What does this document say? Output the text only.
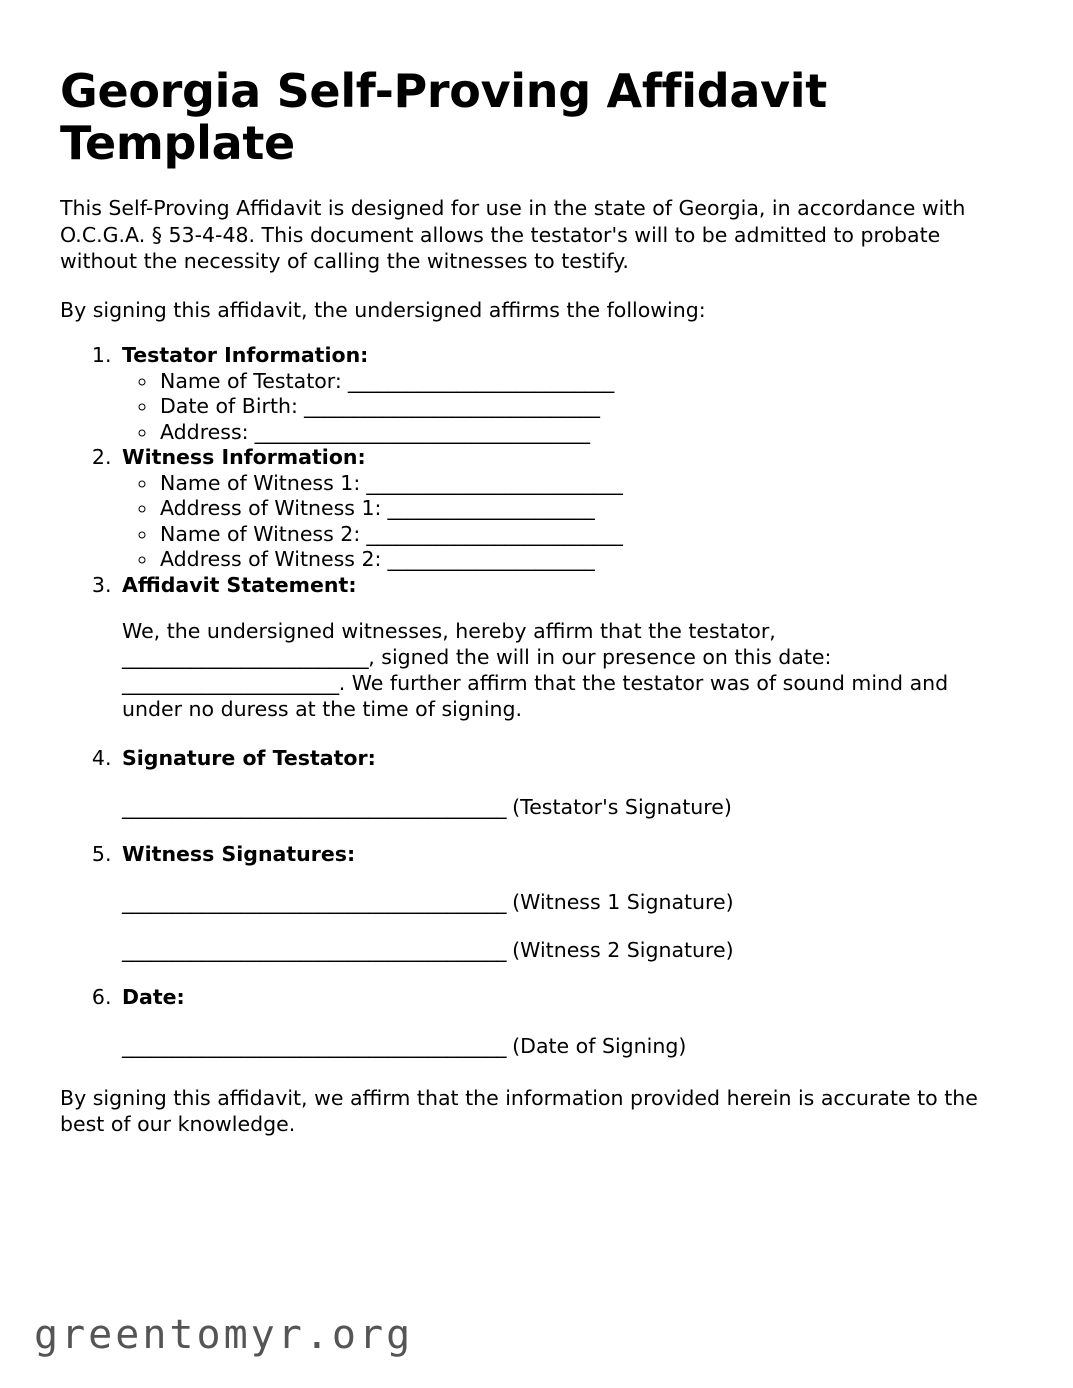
Georgia Self-Proving Affidavit Template

This Self-Proving Affidavit is designed for use in the state of Georgia, in accordance with O.C.G.A. § 53-4-48. This document allows the testator's will to be admitted to probate without the necessity of calling the witnesses to testify.

By signing this affidavit, the undersigned affirms the following:

1. Testator Information:
◦ Name of Testator: ___________________________
◦ Date of Birth: ______________________________
◦ Address: __________________________________
2. Witness Information:
◦ Name of Witness 1: __________________________
◦ Address of Witness 1: _____________________
◦ Name of Witness 2: __________________________
◦ Address of Witness 2: _____________________
3. Affidavit Statement:
We, the undersigned witnesses, hereby affirm that the testator, _________________________, signed the will in our presence on this date: ______________________. We further affirm that the testator was of sound mind and under no duress at the time of signing.
4. Signature of Testator:
_______________________________________ (Testator's Signature)
5. Witness Signatures:
_______________________________________ (Witness 1 Signature)
_______________________________________ (Witness 2 Signature)
6. Date:
_______________________________________ (Date of Signing)

By signing this affidavit, we affirm that the information provided herein is accurate to the best of our knowledge.

greentomyr.org
